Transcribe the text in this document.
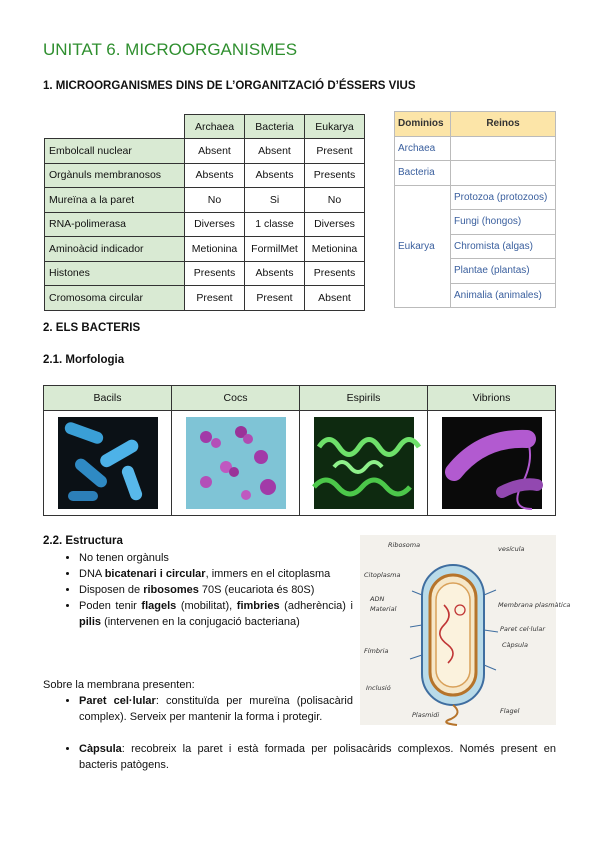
UNITAT 6. MICROORGANISMES
1. MICROORGANISMES DINS DE L’ORGANITZACIÓ D’ÉSSERS VIUS
	Archaea	Bacteria	Eukarya
Embolcall nuclear	Absent	Absent	Present
Orgànuls membranosos	Absents	Absents	Presents
Mureïna a la paret	No	Si	No
RNA-polimerasa	Diverses	1 classe	Diverses
Aminoàcid indicador	Metionina	FormilMet	Metionina
Histones	Presents	Absents	Presents
Cromosoma circular	Present	Present	Absent
Dominios	Reinos
Archaea	
Bacteria	
Eukarya	Protozoa (protozoos)
	Fungi (hongos)
	Chromista (algas)
	Plantae (plantas)
	Animalia (animales)
2. ELS BACTERIS
2.1. Morfologia
Bacils	Cocs	Espirils	Vibrions

2.2. Estructura
• No tenen orgànuls
• DNA bicatenari i circular, immers en el citoplasma
• Disposen de ribosomes 70S (eucariota és 80S)
• Poden tenir flagels (mobilitat), fimbries (adherència) i pilis (intervenen en la conjugació bacteriana)

Sobre la membrana presenten:

• Paret cel·lular: constituïda per mureïna (polisacàrid complex). Serveix per mantenir la forma i protegir.
• Càpsula: recobreix la paret i està formada per polisacàrids complexos. Només present en bacteris patògens.
Ribosoma	vesícula
Citoplasma
ADN
Material	Membrana plasmàtica
Paret cel·lular
Càpsula
Fímbria
Inclusió
Plasmidi	Flagel
